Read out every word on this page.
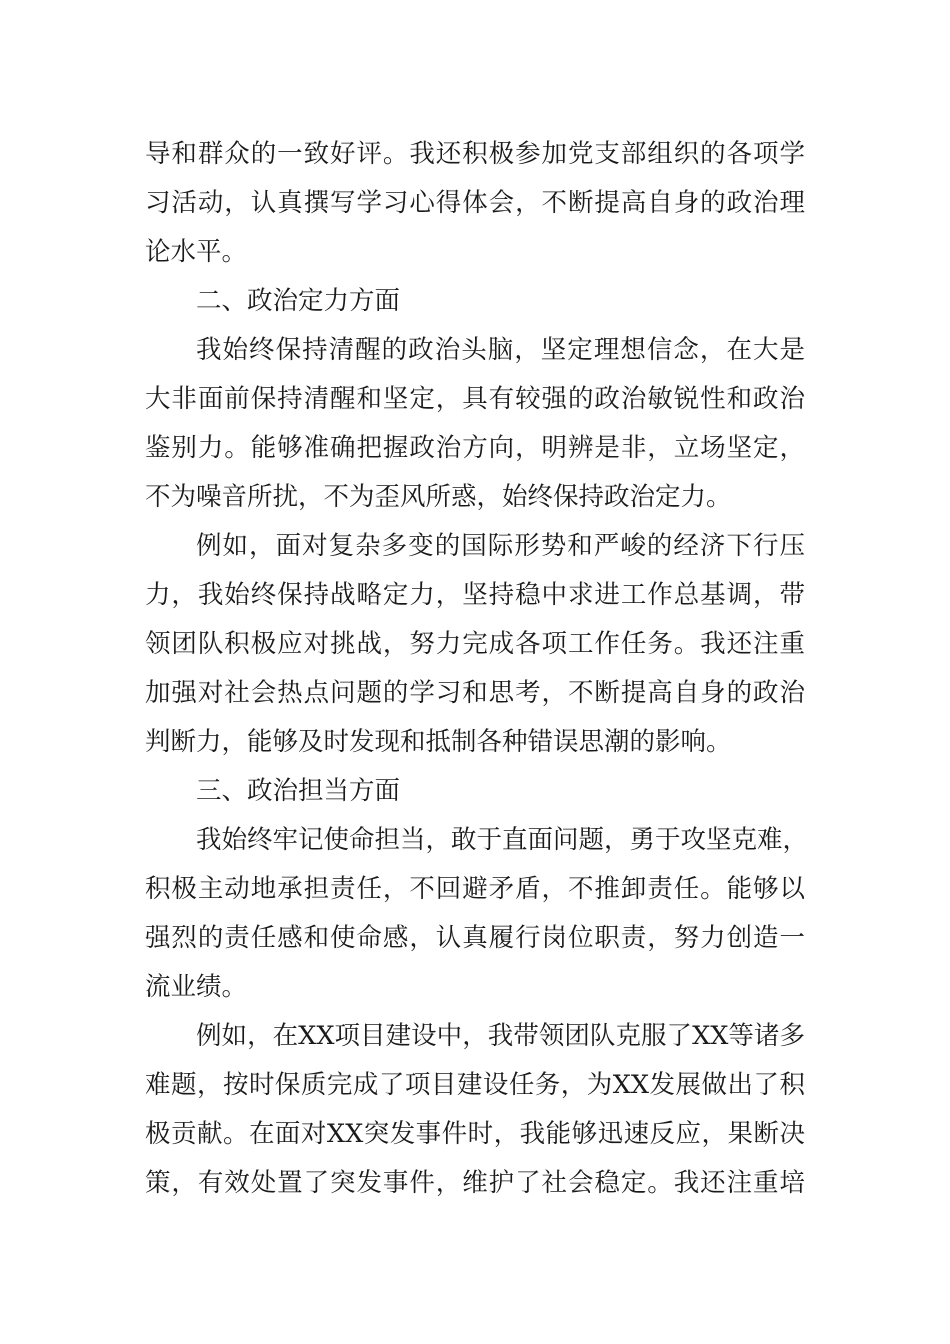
导和群众的一致好评。我还积极参加党支部组织的各项学
习活动，认真撰写学习心得体会，不断提高自身的政治理
论水平。
二、政治定力方面
我始终保持清醒的政治头脑，坚定理想信念，在大是
大非面前保持清醒和坚定，具有较强的政治敏锐性和政治
鉴别力。能够准确把握政治方向，明辨是非，立场坚定，
不为噪音所扰，不为歪风所惑，始终保持政治定力。
例如，面对复杂多变的国际形势和严峻的经济下行压
力，我始终保持战略定力，坚持稳中求进工作总基调，带
领团队积极应对挑战，努力完成各项工作任务。我还注重
加强对社会热点问题的学习和思考，不断提高自身的政治
判断力，能够及时发现和抵制各种错误思潮的影响。
三、政治担当方面
我始终牢记使命担当，敢于直面问题，勇于攻坚克难，
积极主动地承担责任，不回避矛盾，不推卸责任。能够以
强烈的责任感和使命感，认真履行岗位职责，努力创造一
流业绩。
例如，在XX项目建设中，我带领团队克服了XX等诸多
难题，按时保质完成了项目建设任务，为XX发展做出了积
极贡献。在面对XX突发事件时，我能够迅速反应，果断决
策，有效处置了突发事件，维护了社会稳定。我还注重培
